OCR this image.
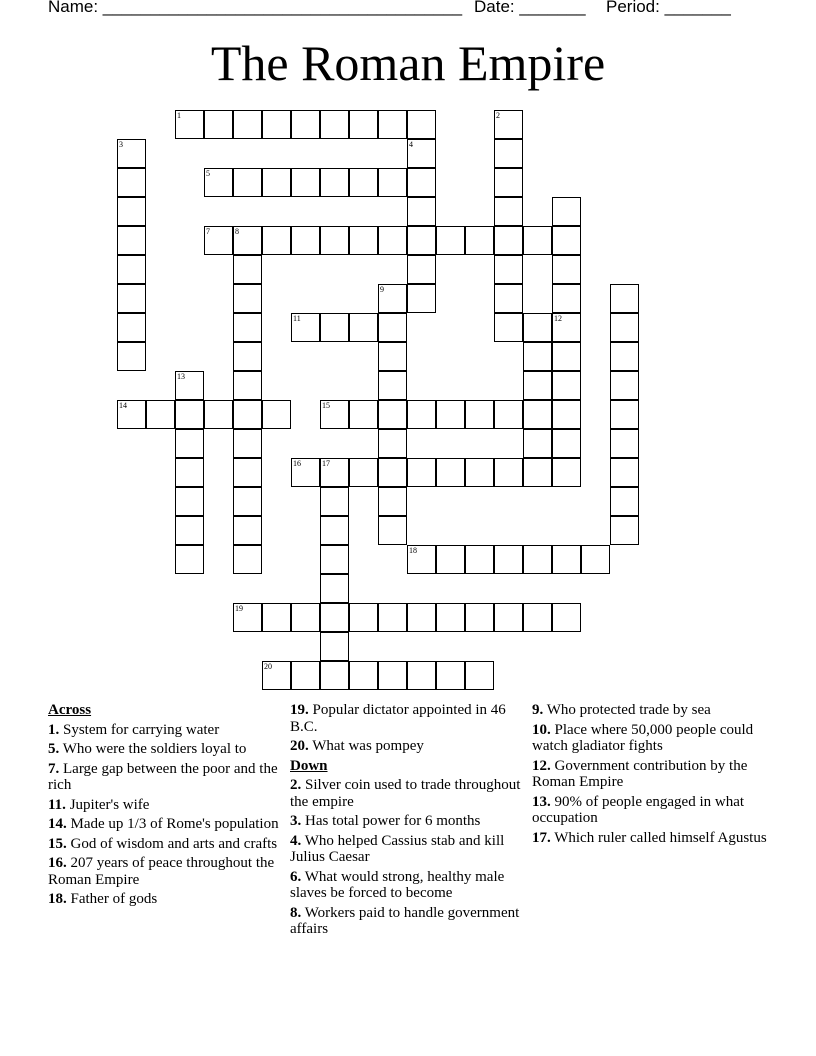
Name: ______________________________________ Date: _______ Period: _______
The Roman Empire
1	2
3	4
5
7	8
9
11	12
13
14	15
16	17
18
19
20
Across
1. System for carrying water
5. Who were the soldiers loyal to
7. Large gap between the poor and the rich
11. Jupiter's wife
14. Made up 1/3 of Rome's population
15. God of wisdom and arts and crafts
16. 207 years of peace throughout the Roman Empire
18. Father of gods
19. Popular dictator appointed in 46 B.C.
20. What was pompey
Down
2. Silver coin used to trade throughout the empire
3. Has total power for 6 months
4. Who helped Cassius stab and kill Julius Caesar
6. What would strong, healthy male slaves be forced to become
8. Workers paid to handle government affairs
9. Who protected trade by sea
10. Place where 50,000 people could watch gladiator fights
12. Government contribution by the Roman Empire
13. 90% of people engaged in what occupation
17. Which ruler called himself Agustus
